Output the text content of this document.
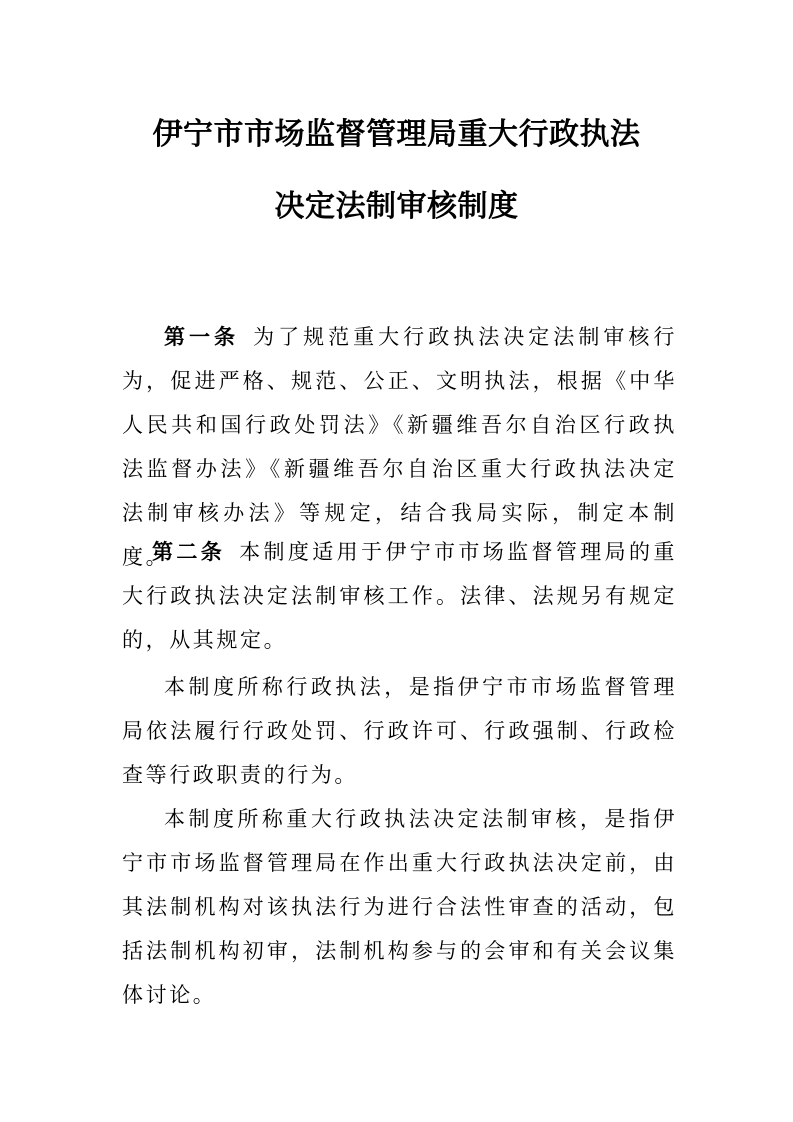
伊宁市市场监督管理局重大行政执法
决定法制审核制度

第一条 为了规范重大行政执法决定法制审核行为，促进严格、规范、公正、文明执法，根据《中华人民共和国行政处罚法》《新疆维吾尔自治区行政执法监督办法》《新疆维吾尔自治区重大行政执法决定法制审核办法》等规定，结合我局实际，制定本制度。

第二条 本制度适用于伊宁市市场监督管理局的重大行政执法决定法制审核工作。法律、法规另有规定的，从其规定。

本制度所称行政执法，是指伊宁市市场监督管理局依法履行行政处罚、行政许可、行政强制、行政检查等行政职责的行为。

本制度所称重大行政执法决定法制审核，是指伊宁市市场监督管理局在作出重大行政执法决定前，由其法制机构对该执法行为进行合法性审查的活动，包括法制机构初审，法制机构参与的会审和有关会议集体讨论。
